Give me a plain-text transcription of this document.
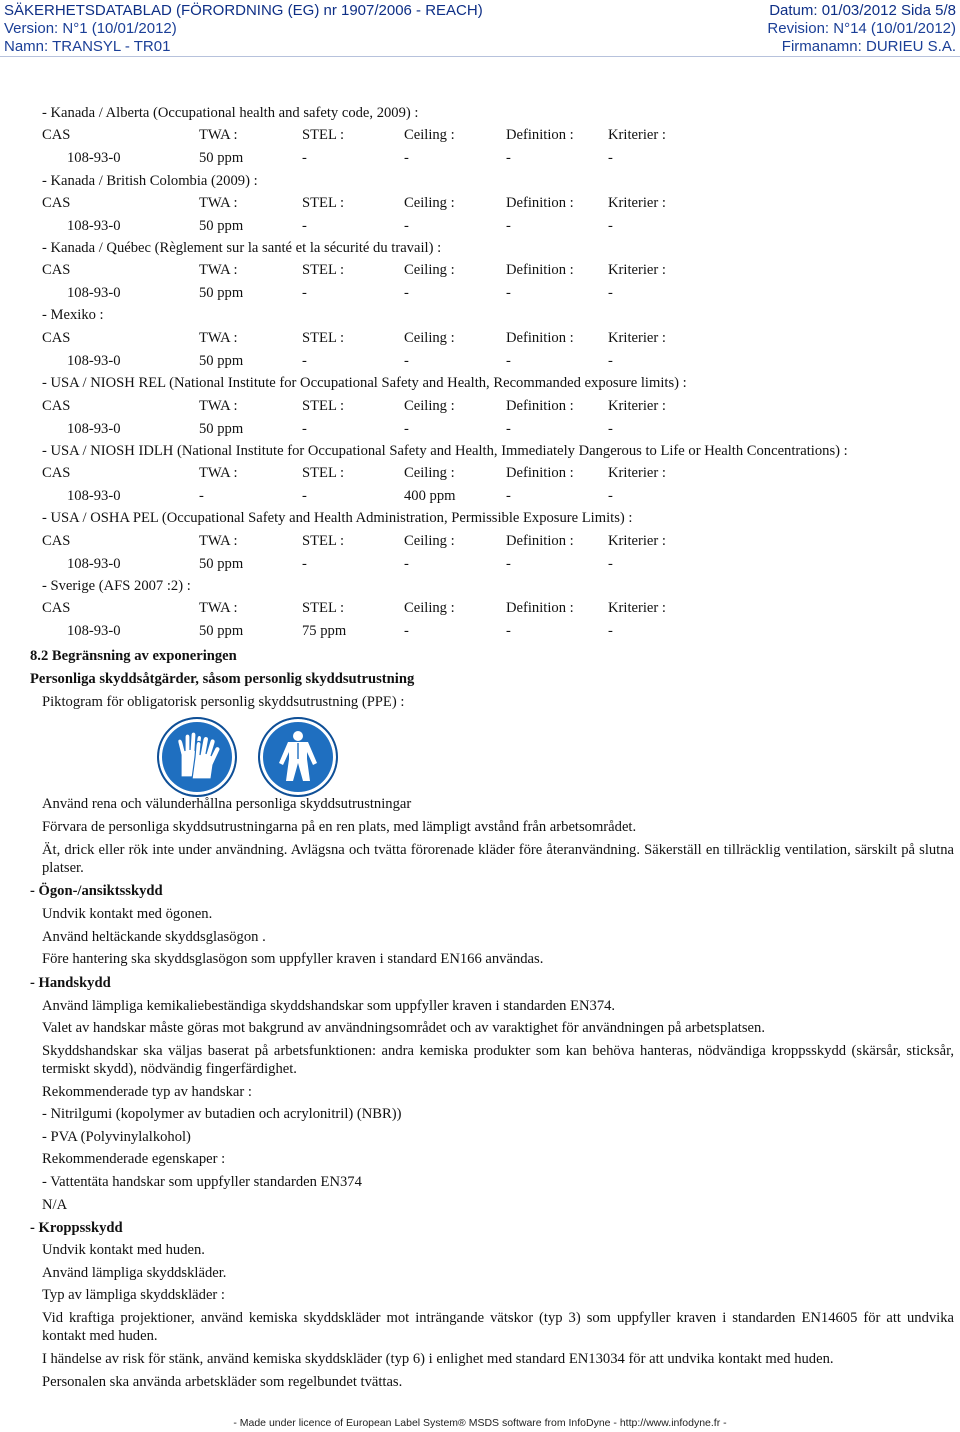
SÄKERHETSDATABLAD (FÖRORDNING (EG) nr 1907/2006 - REACH)	Datum: 01/03/2012 Sida 5/8
Version: N°1 (10/01/2012)	Revision: N°14 (10/01/2012)
Namn: TRANSYL - TR01	Firmanamn: DURIEU S.A.
- Kanada / Alberta (Occupational health and safety code, 2009) :
CAS	TWA :	STEL :	Ceiling :	Definition : Kriterier :
108-93-0	50 ppm	-	-	-	-
- Kanada / British Colombia (2009) :
CAS	TWA :	STEL :	Ceiling :	Definition : Kriterier :
108-93-0	50 ppm	-	-	-	-
- Kanada / Québec (Règlement sur la santé et la sécurité du travail) :
CAS	TWA :	STEL :	Ceiling :	Definition : Kriterier :
108-93-0	50 ppm	-	-	-	-
- Mexiko :
CAS	TWA :	STEL :	Ceiling :	Definition : Kriterier :
108-93-0	50 ppm	-	-	-	-
- USA / NIOSH REL (National Institute for Occupational Safety and Health, Recommanded exposure limits) :
CAS	TWA :	STEL :	Ceiling :	Definition : Kriterier :
108-93-0	50 ppm	-	-	-	-
- USA / NIOSH IDLH (National Institute for Occupational Safety and Health, Immediately Dangerous to Life or Health Concentrations) :
CAS	TWA :	STEL :	Ceiling :	Definition : Kriterier :
108-93-0	-	-	400 ppm	-	-
- USA / OSHA PEL (Occupational Safety and Health Administration, Permissible Exposure Limits) :
CAS	TWA :	STEL :	Ceiling :	Definition : Kriterier :
108-93-0	50 ppm	-	-	-	-
- Sverige (AFS 2007 :2) :
CAS	TWA :	STEL :	Ceiling :	Definition : Kriterier :
108-93-0	50 ppm	75 ppm	-	-	-
8.2 Begränsning av exponeringen
Personliga skyddsåtgärder, såsom personlig skyddsutrustning
Piktogram för obligatorisk personlig skyddsutrustning (PPE) :
Använd rena och välunderhållna personliga skyddsutrustningar
Förvara de personliga skyddsutrustningarna på en ren plats, med lämpligt avstånd från arbetsområdet.
Ät, drick eller rök inte under användning. Avlägsna och tvätta förorenade kläder före återanvändning. Säkerställ en tillräcklig ventilation, särskilt på slutna platser.
- Ögon-/ansiktsskydd
Undvik kontakt med ögonen.
Använd heltäckande skyddsglasögon .
Före hantering ska skyddsglasögon som uppfyller kraven i standard EN166 användas.
- Handskydd
Använd lämpliga kemikaliebeständiga skyddshandskar som uppfyller kraven i standarden EN374.
Valet av handskar måste göras mot bakgrund av användningsområdet och av varaktighet för användningen på arbetsplatsen.
Skyddshandskar ska väljas baserat på arbetsfunktionen: andra kemiska produkter som kan behöva hanteras, nödvändiga kroppsskydd (skärsår, sticksår, termiskt skydd), nödvändig fingerfärdighet.
Rekommenderade typ av handskar :
- Nitrilgumi (kopolymer av butadien och acrylonitril) (NBR))
- PVA (Polyvinylalkohol)
Rekommenderade egenskaper :
- Vattentäta handskar som uppfyller standarden EN374
N/A
- Kroppsskydd
Undvik kontakt med huden.
Använd lämpliga skyddskläder.
Typ av lämpliga skyddskläder :
Vid kraftiga projektioner, använd kemiska skyddskläder mot inträngande vätskor (typ 3) som uppfyller kraven i standarden EN14605 för att undvika kontakt med huden.
I händelse av risk för stänk, använd kemiska skyddskläder (typ 6) i enlighet med standard EN13034 för att undvika kontakt med huden.
Personalen ska använda arbetskläder som regelbundet tvättas.
- Made under licence of European Label System® MSDS software from InfoDyne - http://www.infodyne.fr -
